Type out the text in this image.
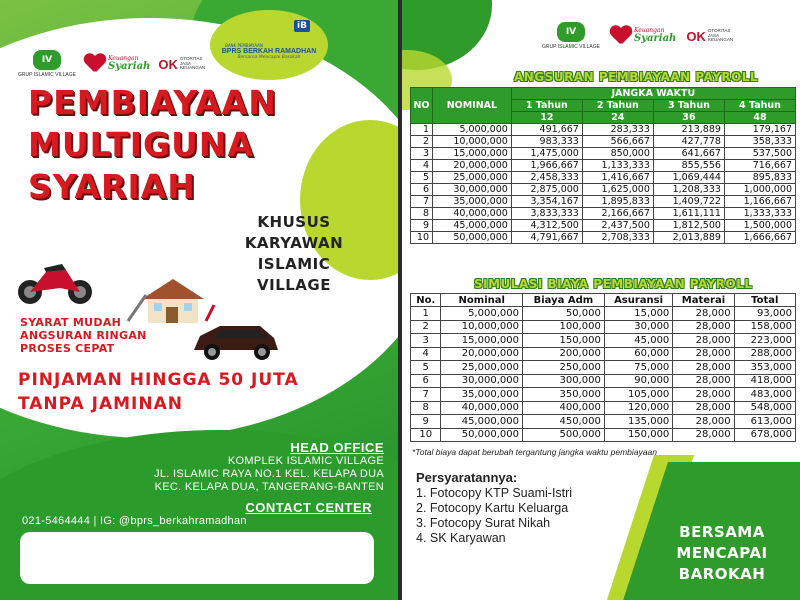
IV
GRUP ISLAMIC VILLAGE
Keuangan
Syariah OK OTORITAS
JASA
KEUANGAN
iB
BANK PEMBIAYAAN
BPRS BERKAH RAMADHAN
Bersama Mencapai Barokah
PEMBIAYAAN
MULTIGUNA
SYARIAH
KHUSUS
KARYAWAN
ISLAMIC
VILLAGE
SYARAT MUDAH
ANGSURAN RINGAN
PROSES CEPAT
PINJAMAN HINGGA 50 JUTA
TANPA JAMINAN
HEAD OFFICE
KOMPLEK ISLAMIC VILLAGE
JL. ISLAMIC RAYA NO.1 KEL. KELAPA DUA
KEC. KELAPA DUA, TANGERANG-BANTEN
CONTACT CENTER
021-5464444 | IG: @bprs_berkahramadhan
IV
GRUP ISLAMIC VILLAGE
Keuangan
Syariah OK OTORITAS
JASA
KEUANGAN
ANGSURAN PEMBIAYAAN PAYROLL
NO	NOMINAL	JANGKA WAKTU			
		1 Tahun	2 Tahun	3 Tahun	4 Tahun
		12	24	36	48
1	5,000,000	491,667	283,333	213,889	179,167
2	10,000,000	983,333	566,667	427,778	358,333
3	15,000,000	1,475,000	850,000	641,667	537,500
4	20,000,000	1,966,667	1,133,333	855,556	716,667
5	25,000,000	2,458,333	1,416,667	1,069,444	895,833
6	30,000,000	2,875,000	1,625,000	1,208,333	1,000,000
7	35,000,000	3,354,167	1,895,833	1,409,722	1,166,667
8	40,000,000	3,833,333	2,166,667	1,611,111	1,333,333
9	45,000,000	4,312,500	2,437,500	1,812,500	1,500,000
10	50,000,000	4,791,667	2,708,333	2,013,889	1,666,667
SIMULASI BIAYA PEMBIAYAAN PAYROLL
No.	Nominal	Biaya Adm	Asuransi	Materai	Total
1	5,000,000	50,000	15,000	28,000	93,000
2	10,000,000	100,000	30,000	28,000	158,000
3	15,000,000	150,000	45,000	28,000	223,000
4	20,000,000	200,000	60,000	28,000	288,000
5	25,000,000	250,000	75,000	28,000	353,000
6	30,000,000	300,000	90,000	28,000	418,000
7	35,000,000	350,000	105,000	28,000	483,000
8	40,000,000	400,000	120,000	28,000	548,000
9	45,000,000	450,000	135,000	28,000	613,000
10	50,000,000	500,000	150,000	28,000	678,000
*Total biaya dapat berubah tergantung jangka waktu pembiayaan
Persyaratannya:
1. Fotocopy KTP Suami-Istri
2. Fotocopy Kartu Keluarga
3. Fotocopy Surat Nikah
4. SK Karyawan	BERSAMA
MENCAPAI
BAROKAH
